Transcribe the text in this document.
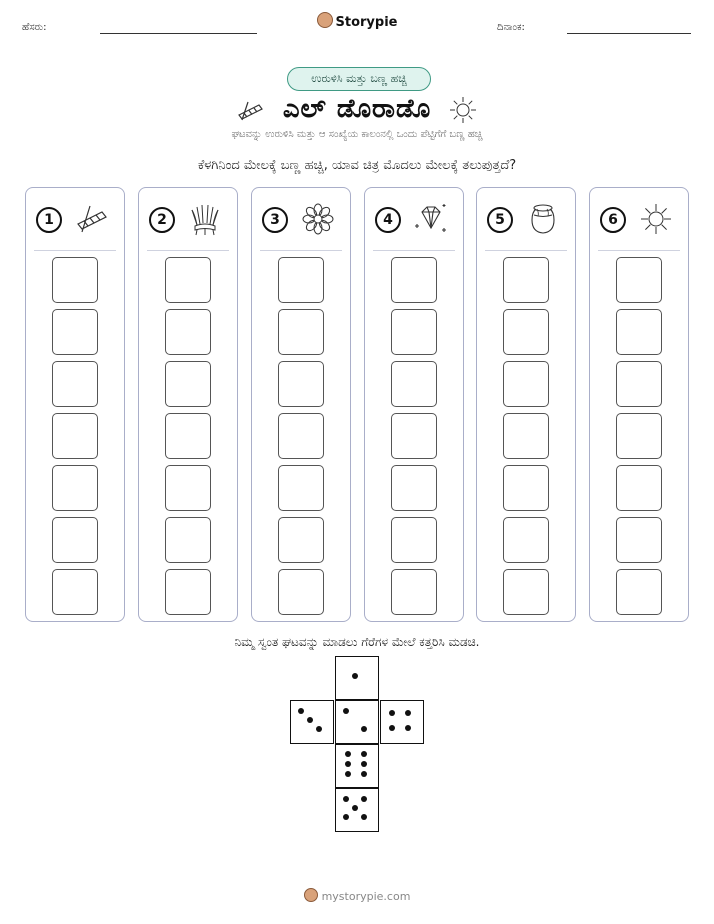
ಹೆಸರು:	Storypie	ದಿನಾಂಕ:
ಉರುಳಿಸಿ ಮತ್ತು ಬಣ್ಣ ಹಚ್ಚಿ
ಎಲ್ ಡೊರಾಡೊ
ಘಟವನ್ನು ಉರುಳಿಸಿ ಮತ್ತು ಆ ಸಂಖ್ಯೆಯ ಕಾಲಂನಲ್ಲಿ ಒಂದು ಪೆಟ್ಟಿಗೆಗೆ ಬಣ್ಣ ಹಚ್ಚಿ
ಕೆಳಗಿನಿಂದ ಮೇಲಕ್ಕೆ ಬಣ್ಣ ಹಚ್ಚಿ, ಯಾವ ಚಿತ್ರ ಮೊದಲು ಮೇಲಕ್ಕೆ ತಲುಪುತ್ತದೆ?
1	2	3	4	5	6
ನಿಮ್ಮ ಸ್ವಂತ ಘಟವನ್ನು ಮಾಡಲು ಗೆರೆಗಳ ಮೇಲೆ ಕತ್ತರಿಸಿ ಮಡಚಿ.
mystorypie.com
